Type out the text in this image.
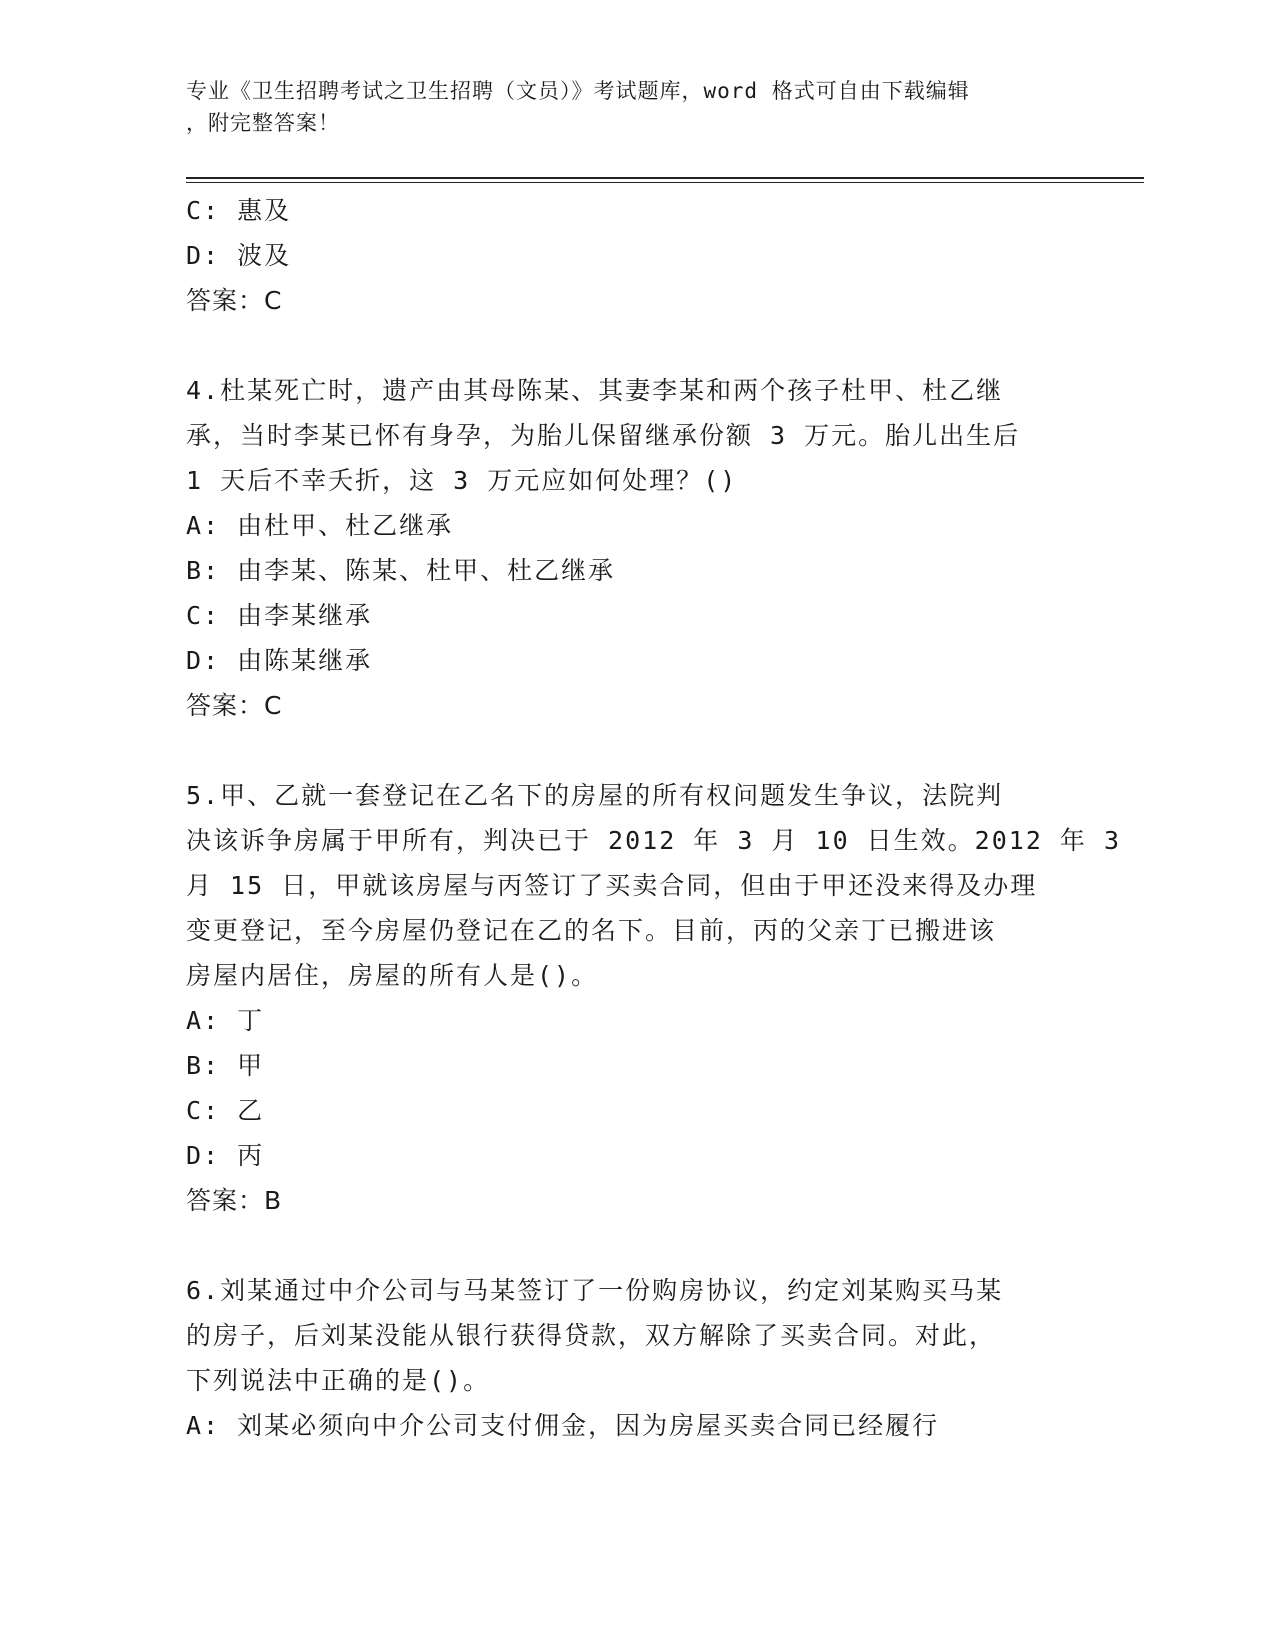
专业《卫生招聘考试之卫生招聘（文员）》考试题库，word 格式可自由下载编辑
，附完整答案！
C: 惠及
D: 波及
答案：C
4.杜某死亡时，遗产由其母陈某、其妻李某和两个孩子杜甲、杜乙继
承，当时李某已怀有身孕，为胎儿保留继承份额 3 万元。胎儿出生后
1 天后不幸夭折，这 3 万元应如何处理？()
A: 由杜甲、杜乙继承
B: 由李某、陈某、杜甲、杜乙继承
C: 由李某继承
D: 由陈某继承
答案：C
5.甲、乙就一套登记在乙名下的房屋的所有权问题发生争议，法院判
决该诉争房属于甲所有，判决已于 2012 年 3 月 10 日生效。2012 年 3
月 15 日，甲就该房屋与丙签订了买卖合同，但由于甲还没来得及办理
变更登记，至今房屋仍登记在乙的名下。目前，丙的父亲丁已搬进该
房屋内居住，房屋的所有人是()。
A: 丁
B: 甲
C: 乙
D: 丙
答案：B
6.刘某通过中介公司与马某签订了一份购房协议，约定刘某购买马某
的房子，后刘某没能从银行获得贷款，双方解除了买卖合同。对此，
下列说法中正确的是()。
A: 刘某必须向中介公司支付佣金，因为房屋买卖合同已经履行
